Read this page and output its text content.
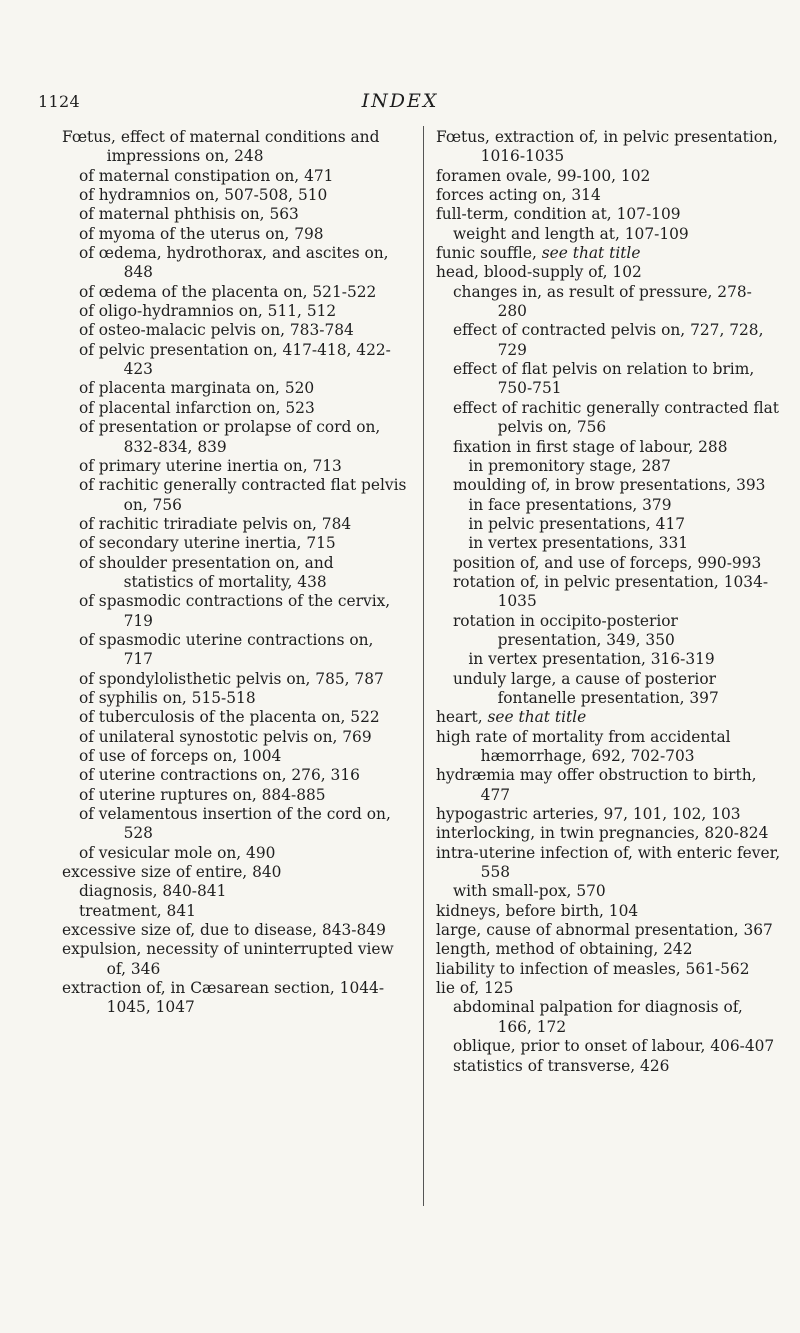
1124	INDEX
Fœtus, effect of maternal conditions and impressions on, 248
of maternal constipation on, 471
of hydramnios on, 507-508, 510
of maternal phthisis on, 563
of myoma of the uterus on, 798
of œdema, hydrothorax, and ascites on, 848
of œdema of the placenta on, 521-522
of oligo-hydramnios on, 511, 512
of osteo-malacic pelvis on, 783-784
of pelvic presentation on, 417-418, 422-423
of placenta marginata on, 520
of placental infarction on, 523
of presentation or prolapse of cord on, 832-834, 839
of primary uterine inertia on, 713
of rachitic generally contracted flat pelvis on, 756
of rachitic triradiate pelvis on, 784
of secondary uterine inertia, 715
of shoulder presentation on, and statistics of mortality, 438
of spasmodic contractions of the cervix, 719
of spasmodic uterine contractions on, 717
of spondylolisthetic pelvis on, 785, 787
of syphilis on, 515-518
of tuberculosis of the placenta on, 522
of unilateral synostotic pelvis on, 769
of use of forceps on, 1004
of uterine contractions on, 276, 316
of uterine ruptures on, 884-885
of velamentous insertion of the cord on, 528
of vesicular mole on, 490
excessive size of entire, 840
diagnosis, 840-841
treatment, 841
excessive size of, due to disease, 843-849
expulsion, necessity of uninterrupted view of, 346
extraction of, in Cæsarean section, 1044-1045, 1047
Fœtus, extraction of, in pelvic presentation, 1016-1035
foramen ovale, 99-100, 102
forces acting on, 314
full-term, condition at, 107-109
weight and length at, 107-109
funic souffle, see that title
head, blood-supply of, 102
changes in, as result of pressure, 278-280
effect of contracted pelvis on, 727, 728, 729
effect of flat pelvis on relation to brim, 750-751
effect of rachitic generally contracted flat pelvis on, 756
fixation in first stage of labour, 288
in premonitory stage, 287
moulding of, in brow presentations, 393
in face presentations, 379
in pelvic presentations, 417
in vertex presentations, 331
position of, and use of forceps, 990-993
rotation of, in pelvic presentation, 1034-1035
rotation in occipito-posterior presentation, 349, 350
in vertex presentation, 316-319
unduly large, a cause of posterior fontanelle presentation, 397
heart, see that title
high rate of mortality from accidental hæmorrhage, 692, 702-703
hydræmia may offer obstruction to birth, 477
hypogastric arteries, 97, 101, 102, 103
interlocking, in twin pregnancies, 820-824
intra-uterine infection of, with enteric fever, 558
with small-pox, 570
kidneys, before birth, 104
large, cause of abnormal presentation, 367
length, method of obtaining, 242
liability to infection of measles, 561-562
lie of, 125
abdominal palpation for diagnosis of, 166, 172
oblique, prior to onset of labour, 406-407
statistics of transverse, 426
